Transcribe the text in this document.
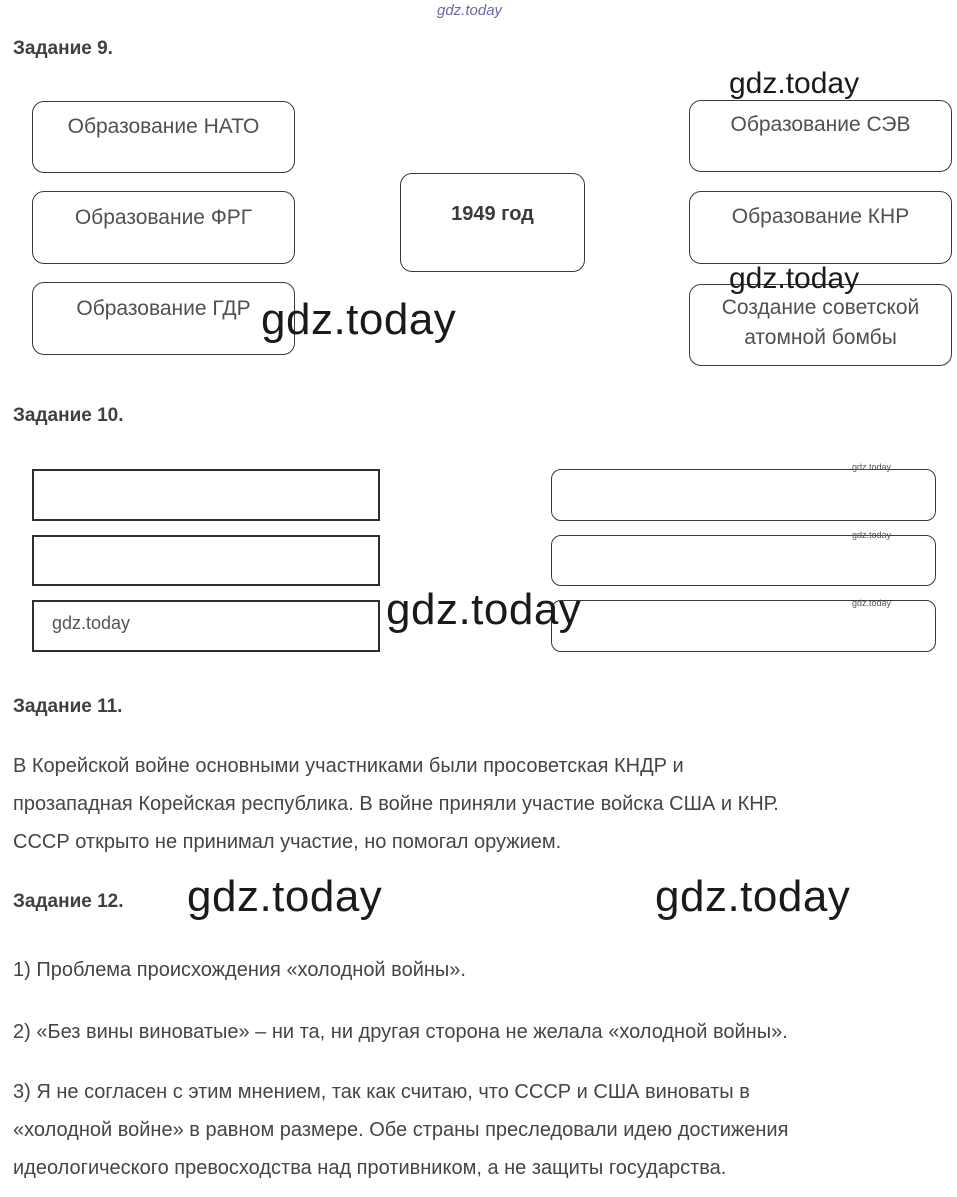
gdz.today
Задание 9.
Образование НАТО
Образование ФРГ
Образование ГДР
1949 год
Образование СЭВ
Образование КНР
Создание советской атомной бомбы
Задание 10.
Задание 11.
В Корейской войне основными участниками были просоветская КНДР и
прозападная Корейская республика. В войне приняли участие войска США и КНР.
СССР открыто не принимал участие, но помогал оружием.
Задание 12.
1) Проблема происхождения «холодной войны».
2) «Без вины виноватые» – ни та, ни другая сторона не желала «холодной войны».
3) Я не согласен с этим мнением, так как считаю, что СССР и США виноваты в
«холодной войне» в равном размере. Обе страны преследовали идею достижения
идеологического превосходства над противником, а не защиты государства.
gdz.today
gdz.today
gdz.today
gdz.today
gdz.today
gdz.today
gdz.today
gdz.today
gdz.today	gdz.today
